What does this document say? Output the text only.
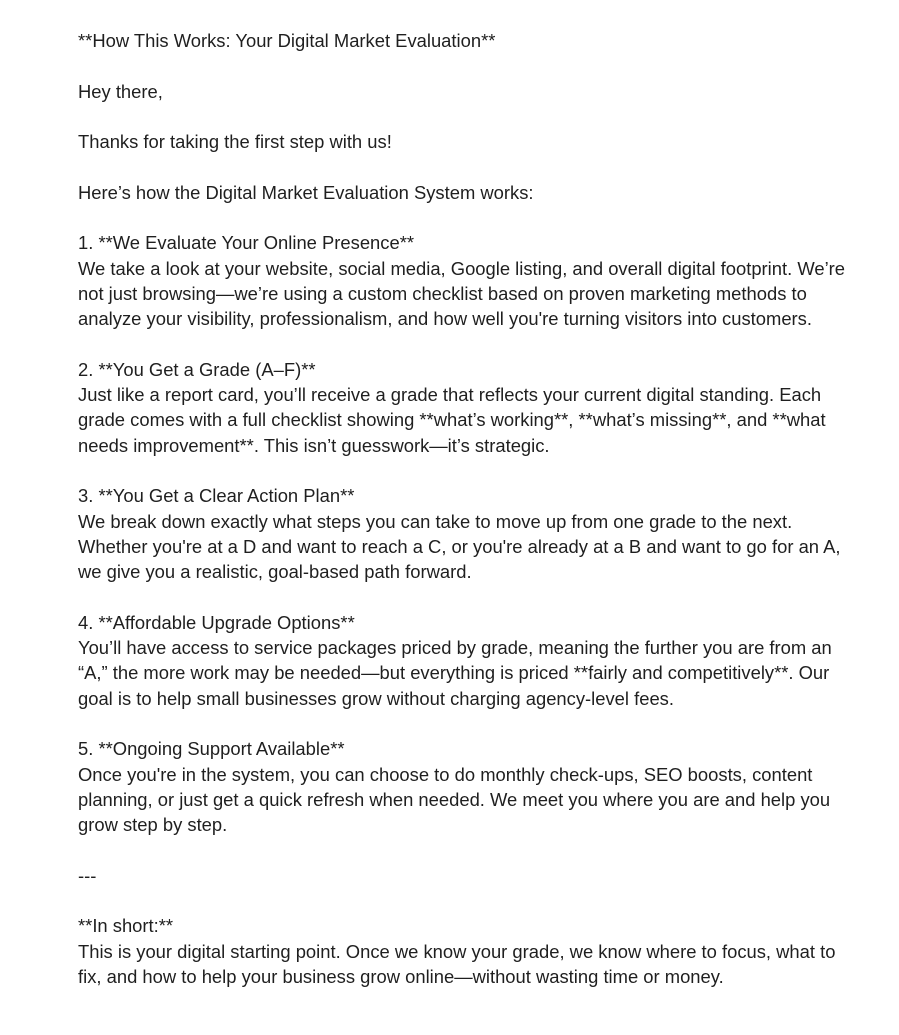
**How This Works: Your Digital Market Evaluation**

Hey there,

Thanks for taking the first step with us!

Here’s how the Digital Market Evaluation System works:

1. **We Evaluate Your Online Presence**
We take a look at your website, social media, Google listing, and overall digital footprint. We’re
not just browsing—we’re using a custom checklist based on proven marketing methods to
analyze your visibility, professionalism, and how well you're turning visitors into customers.
2. **You Get a Grade (A–F)**
Just like a report card, you’ll receive a grade that reflects your current digital standing. Each
grade comes with a full checklist showing **what’s working**, **what’s missing**, and **what
needs improvement**. This isn’t guesswork—it’s strategic.
3. **You Get a Clear Action Plan**
We break down exactly what steps you can take to move up from one grade to the next.
Whether you're at a D and want to reach a C, or you're already at a B and want to go for an A,
we give you a realistic, goal-based path forward.
4. **Affordable Upgrade Options**
You’ll have access to service packages priced by grade, meaning the further you are from an
“A,” the more work may be needed—but everything is priced **fairly and competitively**. Our
goal is to help small businesses grow without charging agency-level fees.
5. **Ongoing Support Available**
Once you're in the system, you can choose to do monthly check-ups, SEO boosts, content
planning, or just get a quick refresh when needed. We meet you where you are and help you
grow step by step.

---

**In short:**
This is your digital starting point. Once we know your grade, we know where to focus, what to
fix, and how to help your business grow online—without wasting time or money.
